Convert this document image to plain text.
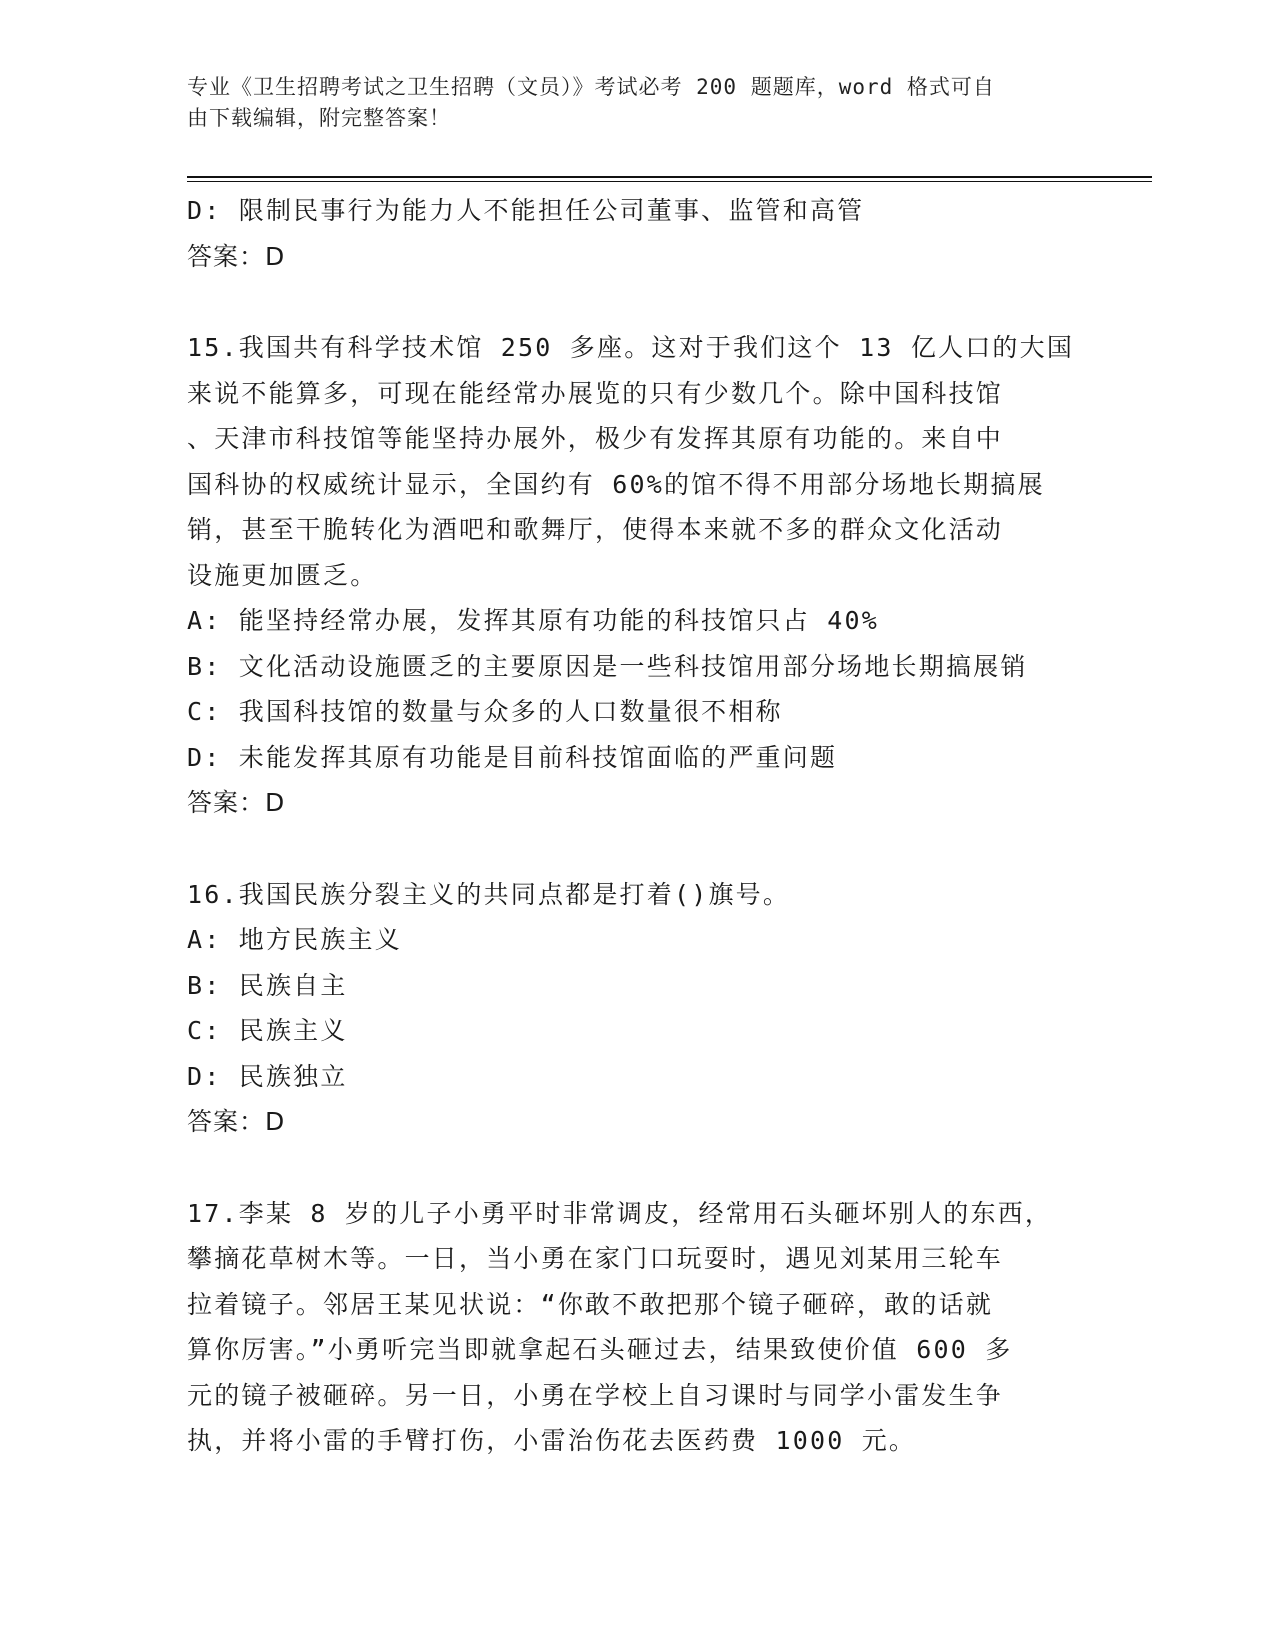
专业《卫生招聘考试之卫生招聘（文员）》考试必考 200 题题库，word 格式可自
由下载编辑，附完整答案！
D: 限制民事行为能力人不能担任公司董事、监管和高管
答案：D
15.我国共有科学技术馆 250 多座。这对于我们这个 13 亿人口的大国
来说不能算多，可现在能经常办展览的只有少数几个。除中国科技馆
、天津市科技馆等能坚持办展外，极少有发挥其原有功能的。来自中
国科协的权威统计显示，全国约有 60%的馆不得不用部分场地长期搞展
销，甚至干脆转化为酒吧和歌舞厅，使得本来就不多的群众文化活动
设施更加匮乏。
A: 能坚持经常办展，发挥其原有功能的科技馆只占 40%
B: 文化活动设施匮乏的主要原因是一些科技馆用部分场地长期搞展销
C: 我国科技馆的数量与众多的人口数量很不相称
D: 未能发挥其原有功能是目前科技馆面临的严重问题
答案：D
16.我国民族分裂主义的共同点都是打着()旗号。
A: 地方民族主义
B: 民族自主
C: 民族主义
D: 民族独立
答案：D
17.李某 8 岁的儿子小勇平时非常调皮，经常用石头砸坏别人的东西，
攀摘花草树木等。一日，当小勇在家门口玩耍时，遇见刘某用三轮车
拉着镜子。邻居王某见状说：“你敢不敢把那个镜子砸碎，敢的话就
算你厉害。”小勇听完当即就拿起石头砸过去，结果致使价值 600 多
元的镜子被砸碎。另一日，小勇在学校上自习课时与同学小雷发生争
执，并将小雷的手臂打伤，小雷治伤花去医药费 1000 元。
